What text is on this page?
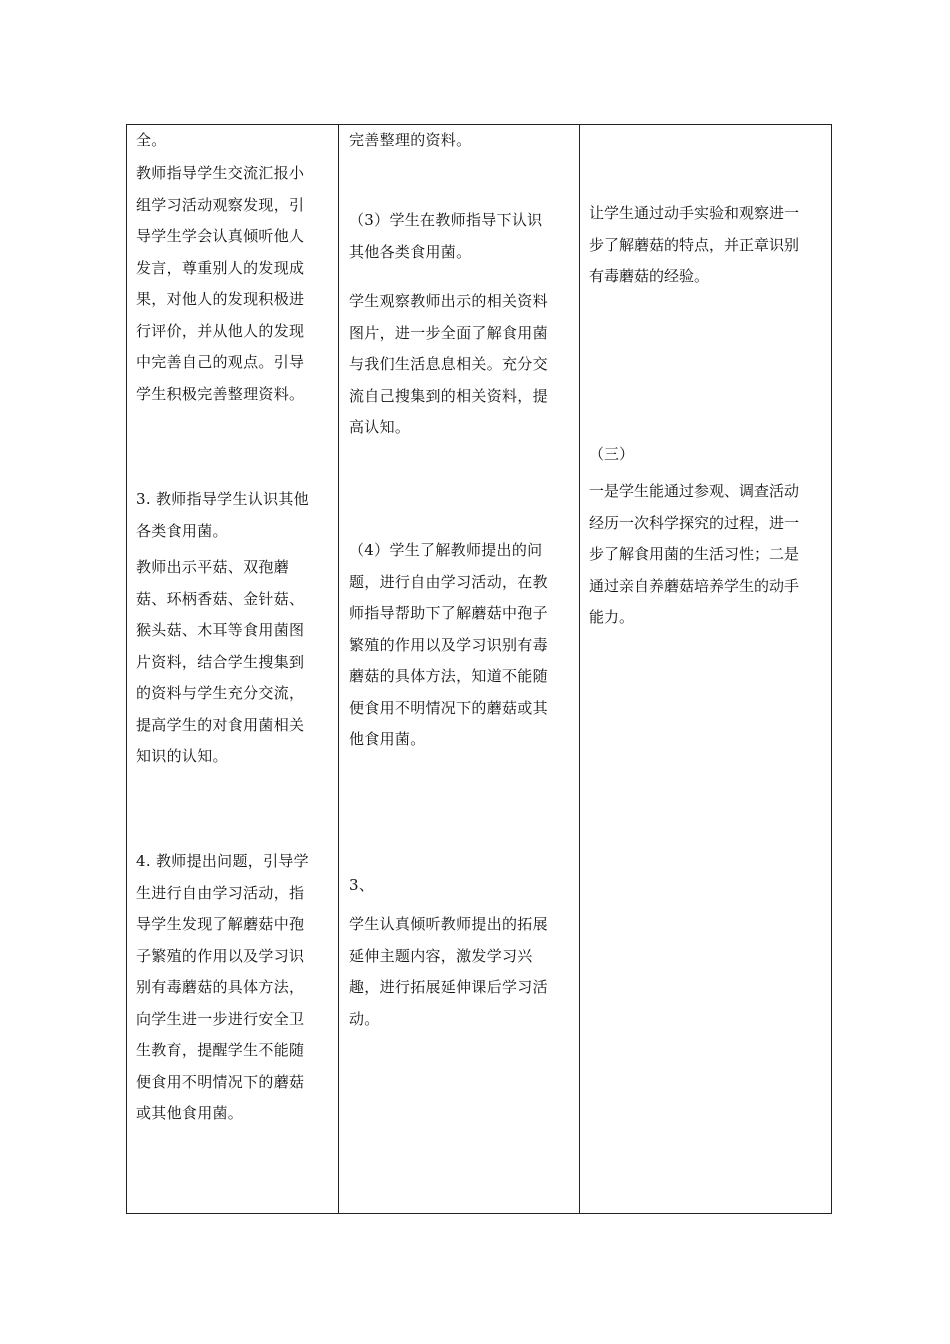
全。
教师指导学生交流汇报小
组学习活动观察发现，引
导学生学会认真倾听他人
发言，尊重别人的发现成
果，对他人的发现积极进
行评价，并从他人的发现
中完善自己的观点。引导
学生积极完善整理资料。
3. 教师指导学生认识其他
各类食用菌。
教师出示平菇、双孢蘑
菇、环柄香菇、金针菇、
猴头菇、木耳等食用菌图
片资料，结合学生搜集到
的资料与学生充分交流，
提高学生的对食用菌相关
知识的认知。
4. 教师提出问题，引导学
生进行自由学习活动，指
导学生发现了解蘑菇中孢
子繁殖的作用以及学习识
别有毒蘑菇的具体方法，
向学生进一步进行安全卫
生教育，提醒学生不能随
便食用不明情况下的蘑菇
或其他食用菌。
完善整理的资料。
（3）学生在教师指导下认识
其他各类食用菌。
学生观察教师出示的相关资料
图片，进一步全面了解食用菌
与我们生活息息相关。充分交
流自己搜集到的相关资料，提
高认知。
（4）学生了解教师提出的问
题，进行自由学习活动，在教
师指导帮助下了解蘑菇中孢子
繁殖的作用以及学习识别有毒
蘑菇的具体方法，知道不能随
便食用不明情况下的蘑菇或其
他食用菌。
3、
学生认真倾听教师提出的拓展
延伸主题内容，激发学习兴
趣，进行拓展延伸课后学习活
动。
让学生通过动手实验和观察进一
步了解蘑菇的特点，并正章识别
有毒蘑菇的经验。
（三）
一是学生能通过参观、调查活动
经历一次科学探究的过程，进一
步了解食用菌的生活习性；二是
通过亲自养蘑菇培养学生的动手
能力。
